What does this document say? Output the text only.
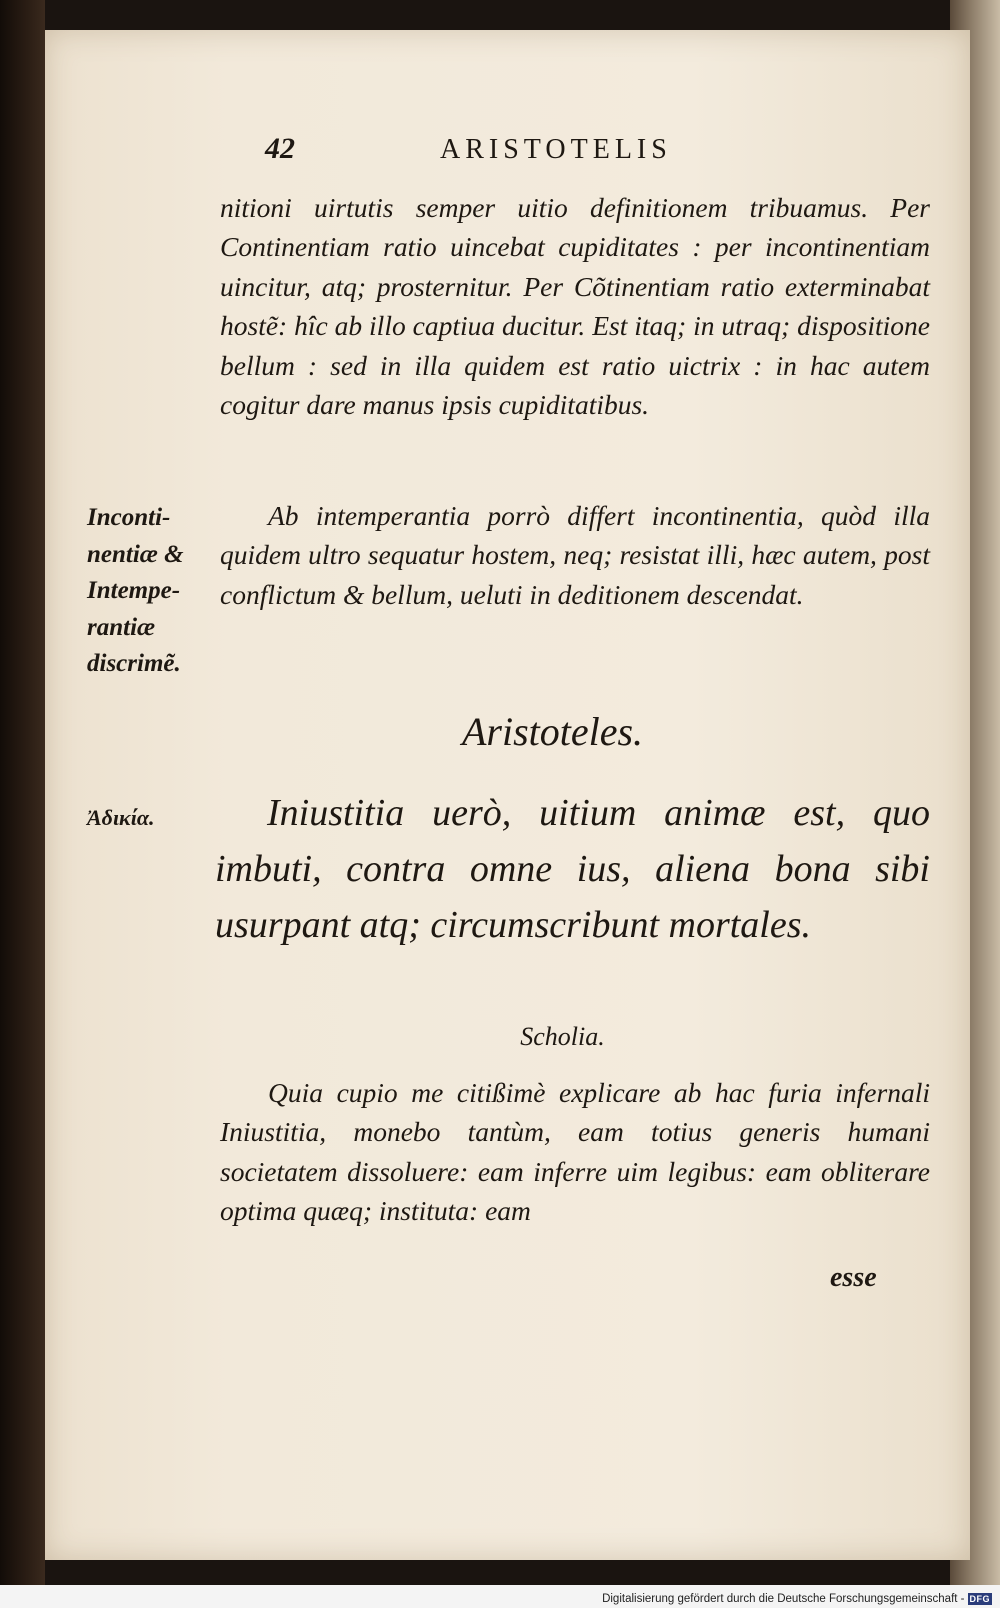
42	ARISTOTELIS

nitioni uirtutis semper uitio definitionem tribuamus. Per Continentiam ratio uincebat cupiditates : per incontinentiam uincitur, atq; prosternitur. Per Cõtinentiam ratio exterminabat hostẽ: hîc ab illo captiua ducitur. Est itaq; in utraq; dispositione bellum : sed in illa quidem est ratio uictrix : in hac autem cogitur dare manus ipsis cupiditatibus.

Inconti-
nentiæ &
Intempe-
rantiæ
discrimẽ.

Ab intemperantia porrò differt incontinentia, quòd illa quidem ultro sequatur hostem, neq; resistat illi, hæc autem, post conflictum & bellum, ueluti in deditionem descendat.

Aristoteles.
Ἀδικία.	Iniustitia uerò, uitium animæ est, quo imbuti, contra omne ius, aliena bona sibi usurpant atq; circumscribunt mortales.

Scholia.

Quia cupio me citißimè explicare ab hac furia infernali Iniustitia, monebo tantùm, eam totius generis humani societatem dissoluere: eam inferre uim legibus: eam obliterare optima quæq; instituta: eam

esse
Digitalisierung gefördert durch die Deutsche Forschungsgemeinschaft - DFG
